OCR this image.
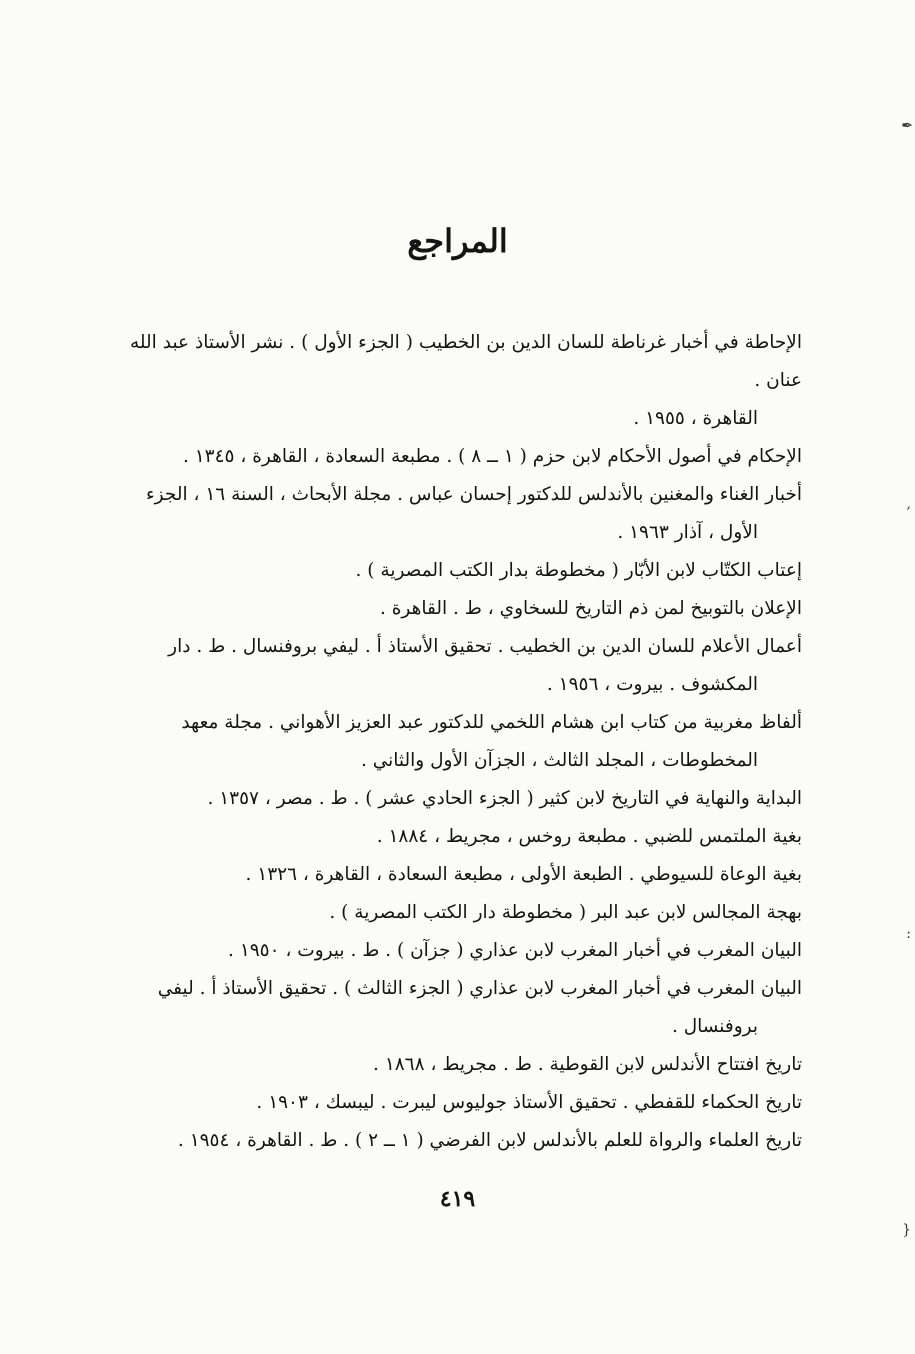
✒
,
:
{
المراجع
الإحاطة في أخبار غرناطة للسان الدين بن الخطيب ( الجزء الأول ) . نشر الأستاذ عبد الله عنان .
القاهرة ، ١٩٥٥ .
الإحكام في أصول الأحكام لابن حزم ( ١ ــ ٨ ) . مطبعة السعادة ، القاهرة ، ١٣٤٥ .
أخبار الغناء والمغنين بالأندلس للدكتور إحسان عباس . مجلة الأبحاث ، السنة ١٦ ، الجزء
الأول ، آذار ١٩٦٣ .
إعتاب الكتّاب لابن الأبّار ( مخطوطة بدار الكتب المصرية ) .
الإعلان بالتوبيخ لمن ذم التاريخ للسخاوي ، ط . القاهرة .
أعمال الأعلام للسان الدين بن الخطيب . تحقيق الأستاذ أ . ليفي بروفنسال . ط . دار
المكشوف . بيروت ، ١٩٥٦ .
ألفاظ مغربية من كتاب ابن هشام اللخمي للدكتور عبد العزيز الأهواني . مجلة معهد
المخطوطات ، المجلد الثالث ، الجزآن الأول والثاني .
البداية والنهاية في التاريخ لابن كثير ( الجزء الحادي عشر ) . ط . مصر ، ١٣٥٧ .
بغية الملتمس للضبي . مطبعة روخس ، مجريط ، ١٨٨٤ .
بغية الوعاة للسيوطي . الطبعة الأولى ، مطبعة السعادة ، القاهرة ، ١٣٢٦ .
بهجة المجالس لابن عبد البر ( مخطوطة دار الكتب المصرية ) .
البيان المغرب في أخبار المغرب لابن عذاري ( جزآن ) . ط . بيروت ، ١٩٥٠ .
البيان المغرب في أخبار المغرب لابن عذاري ( الجزء الثالث ) . تحقيق الأستاذ أ . ليفي
بروفنسال .
تاريخ افتتاح الأندلس لابن القوطية . ط . مجريط ، ١٨٦٨ .
تاريخ الحكماء للقفطي . تحقيق الأستاذ جوليوس ليبرت . ليبسك ، ١٩٠٣ .
تاريخ العلماء والرواة للعلم بالأندلس لابن الفرضي ( ١ ــ ٢ ) . ط . القاهرة ، ١٩٥٤ .
٤١٩
